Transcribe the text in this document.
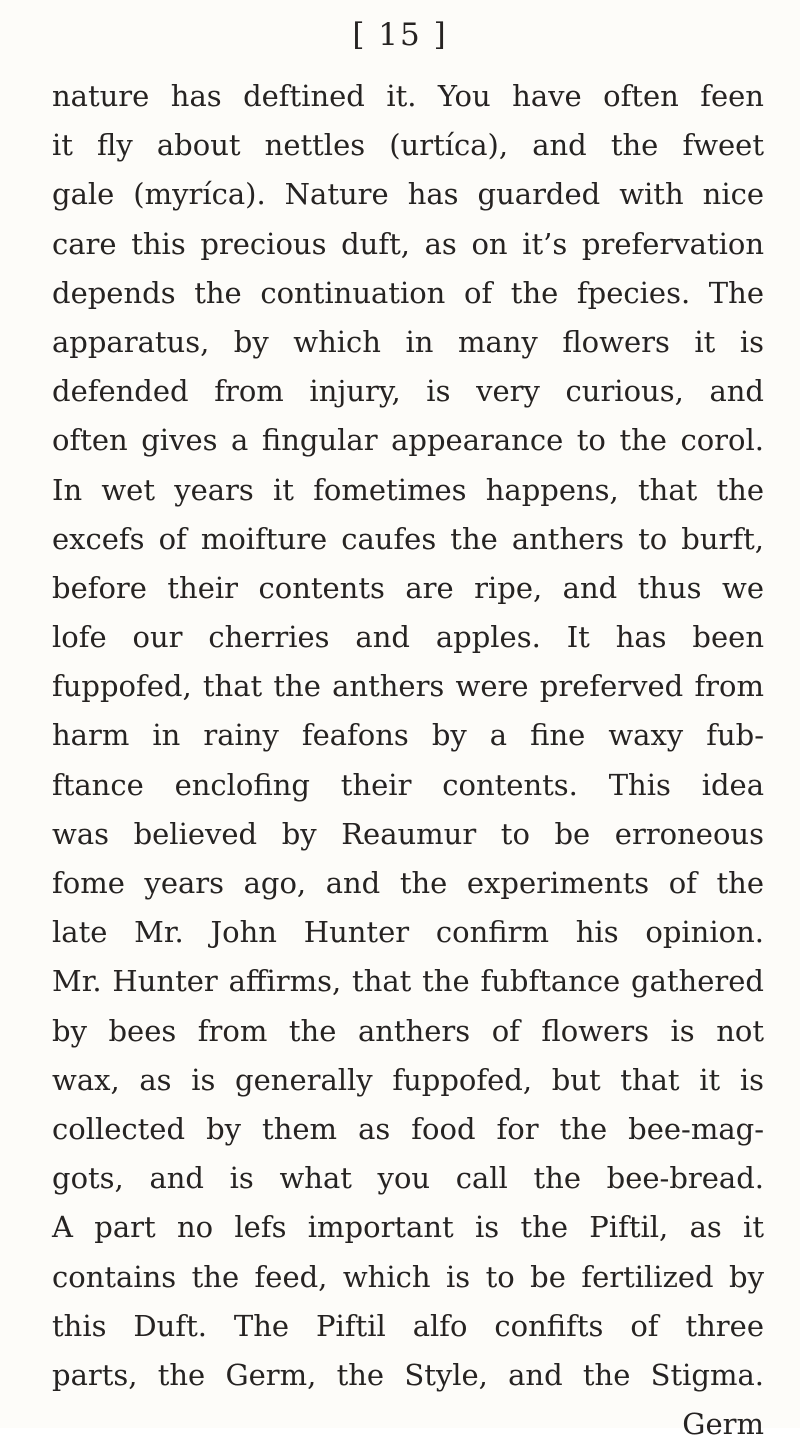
[ 15 ]
nature has deftined it. You have often feen
it fly about nettles (urtíca), and the fweet
gale (myríca). Nature has guarded with nice
care this precious duft, as on it’s prefervation
depends the continuation of the fpecies. The
apparatus, by which in many flowers it is
defended from injury, is very curious, and
often gives a fingular appearance to the corol.
In wet years it fometimes happens, that the
excefs of moifture caufes the anthers to burft,
before their contents are ripe, and thus we
lofe our cherries and apples. It has been
fuppofed, that the anthers were preferved from
harm in rainy feafons by a fine waxy fub-
ftance enclofing their contents. This idea
was believed by Reaumur to be erroneous
fome years ago, and the experiments of the
late Mr. John Hunter confirm his opinion.
Mr. Hunter affirms, that the fubftance gathered
by bees from the anthers of flowers is not
wax, as is generally fuppofed, but that it is
collected by them as food for the bee-mag-
gots, and is what you call the bee-bread.
A part no lefs important is the Piftil, as it
contains the feed, which is to be fertilized by
this Duft. The Piftil alfo confifts of three
parts, the Germ, the Style, and the Stigma.
Germ
